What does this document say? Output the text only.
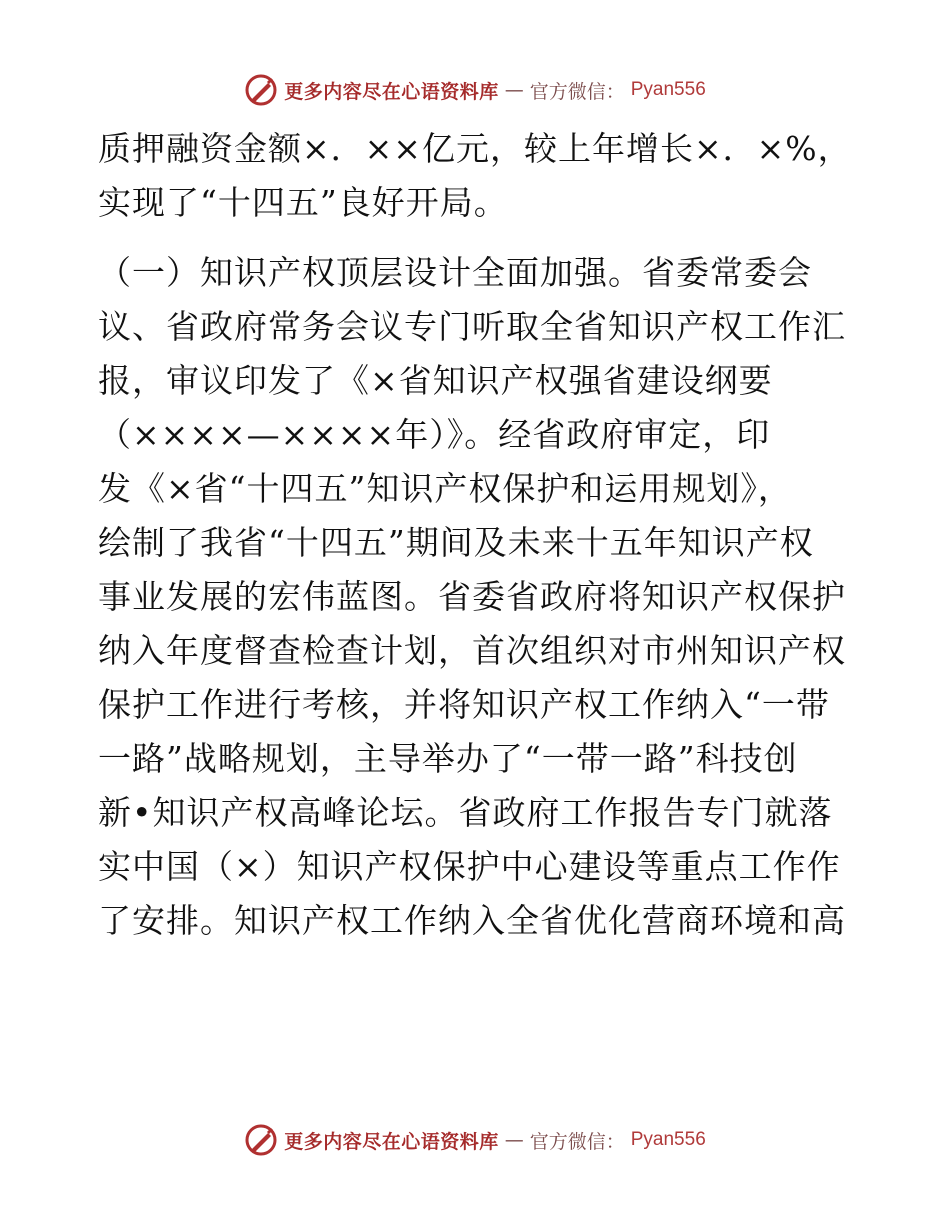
更多内容尽在心语资料库 — 官方微信： Pyan556
质押融资金额×．××亿元，较上年增长×．×%，
实现了“十四五”良好开局。
（一）知识产权顶层设计全面加强。省委常委会
议、省政府常务会议专门听取全省知识产权工作汇
报，审议印发了《×省知识产权强省建设纲要
（××××—××××年）》。经省政府审定，印
发《×省“十四五”知识产权保护和运用规划》，
绘制了我省“十四五”期间及未来十五年知识产权
事业发展的宏伟蓝图。省委省政府将知识产权保护
纳入年度督查检查计划，首次组织对市州知识产权
保护工作进行考核，并将知识产权工作纳入“一带
一路”战略规划，主导举办了“一带一路”科技创
新•知识产权高峰论坛。省政府工作报告专门就落
实中国（×）知识产权保护中心建设等重点工作作
了安排。知识产权工作纳入全省优化营商环境和高
更多内容尽在心语资料库 — 官方微信： Pyan556
